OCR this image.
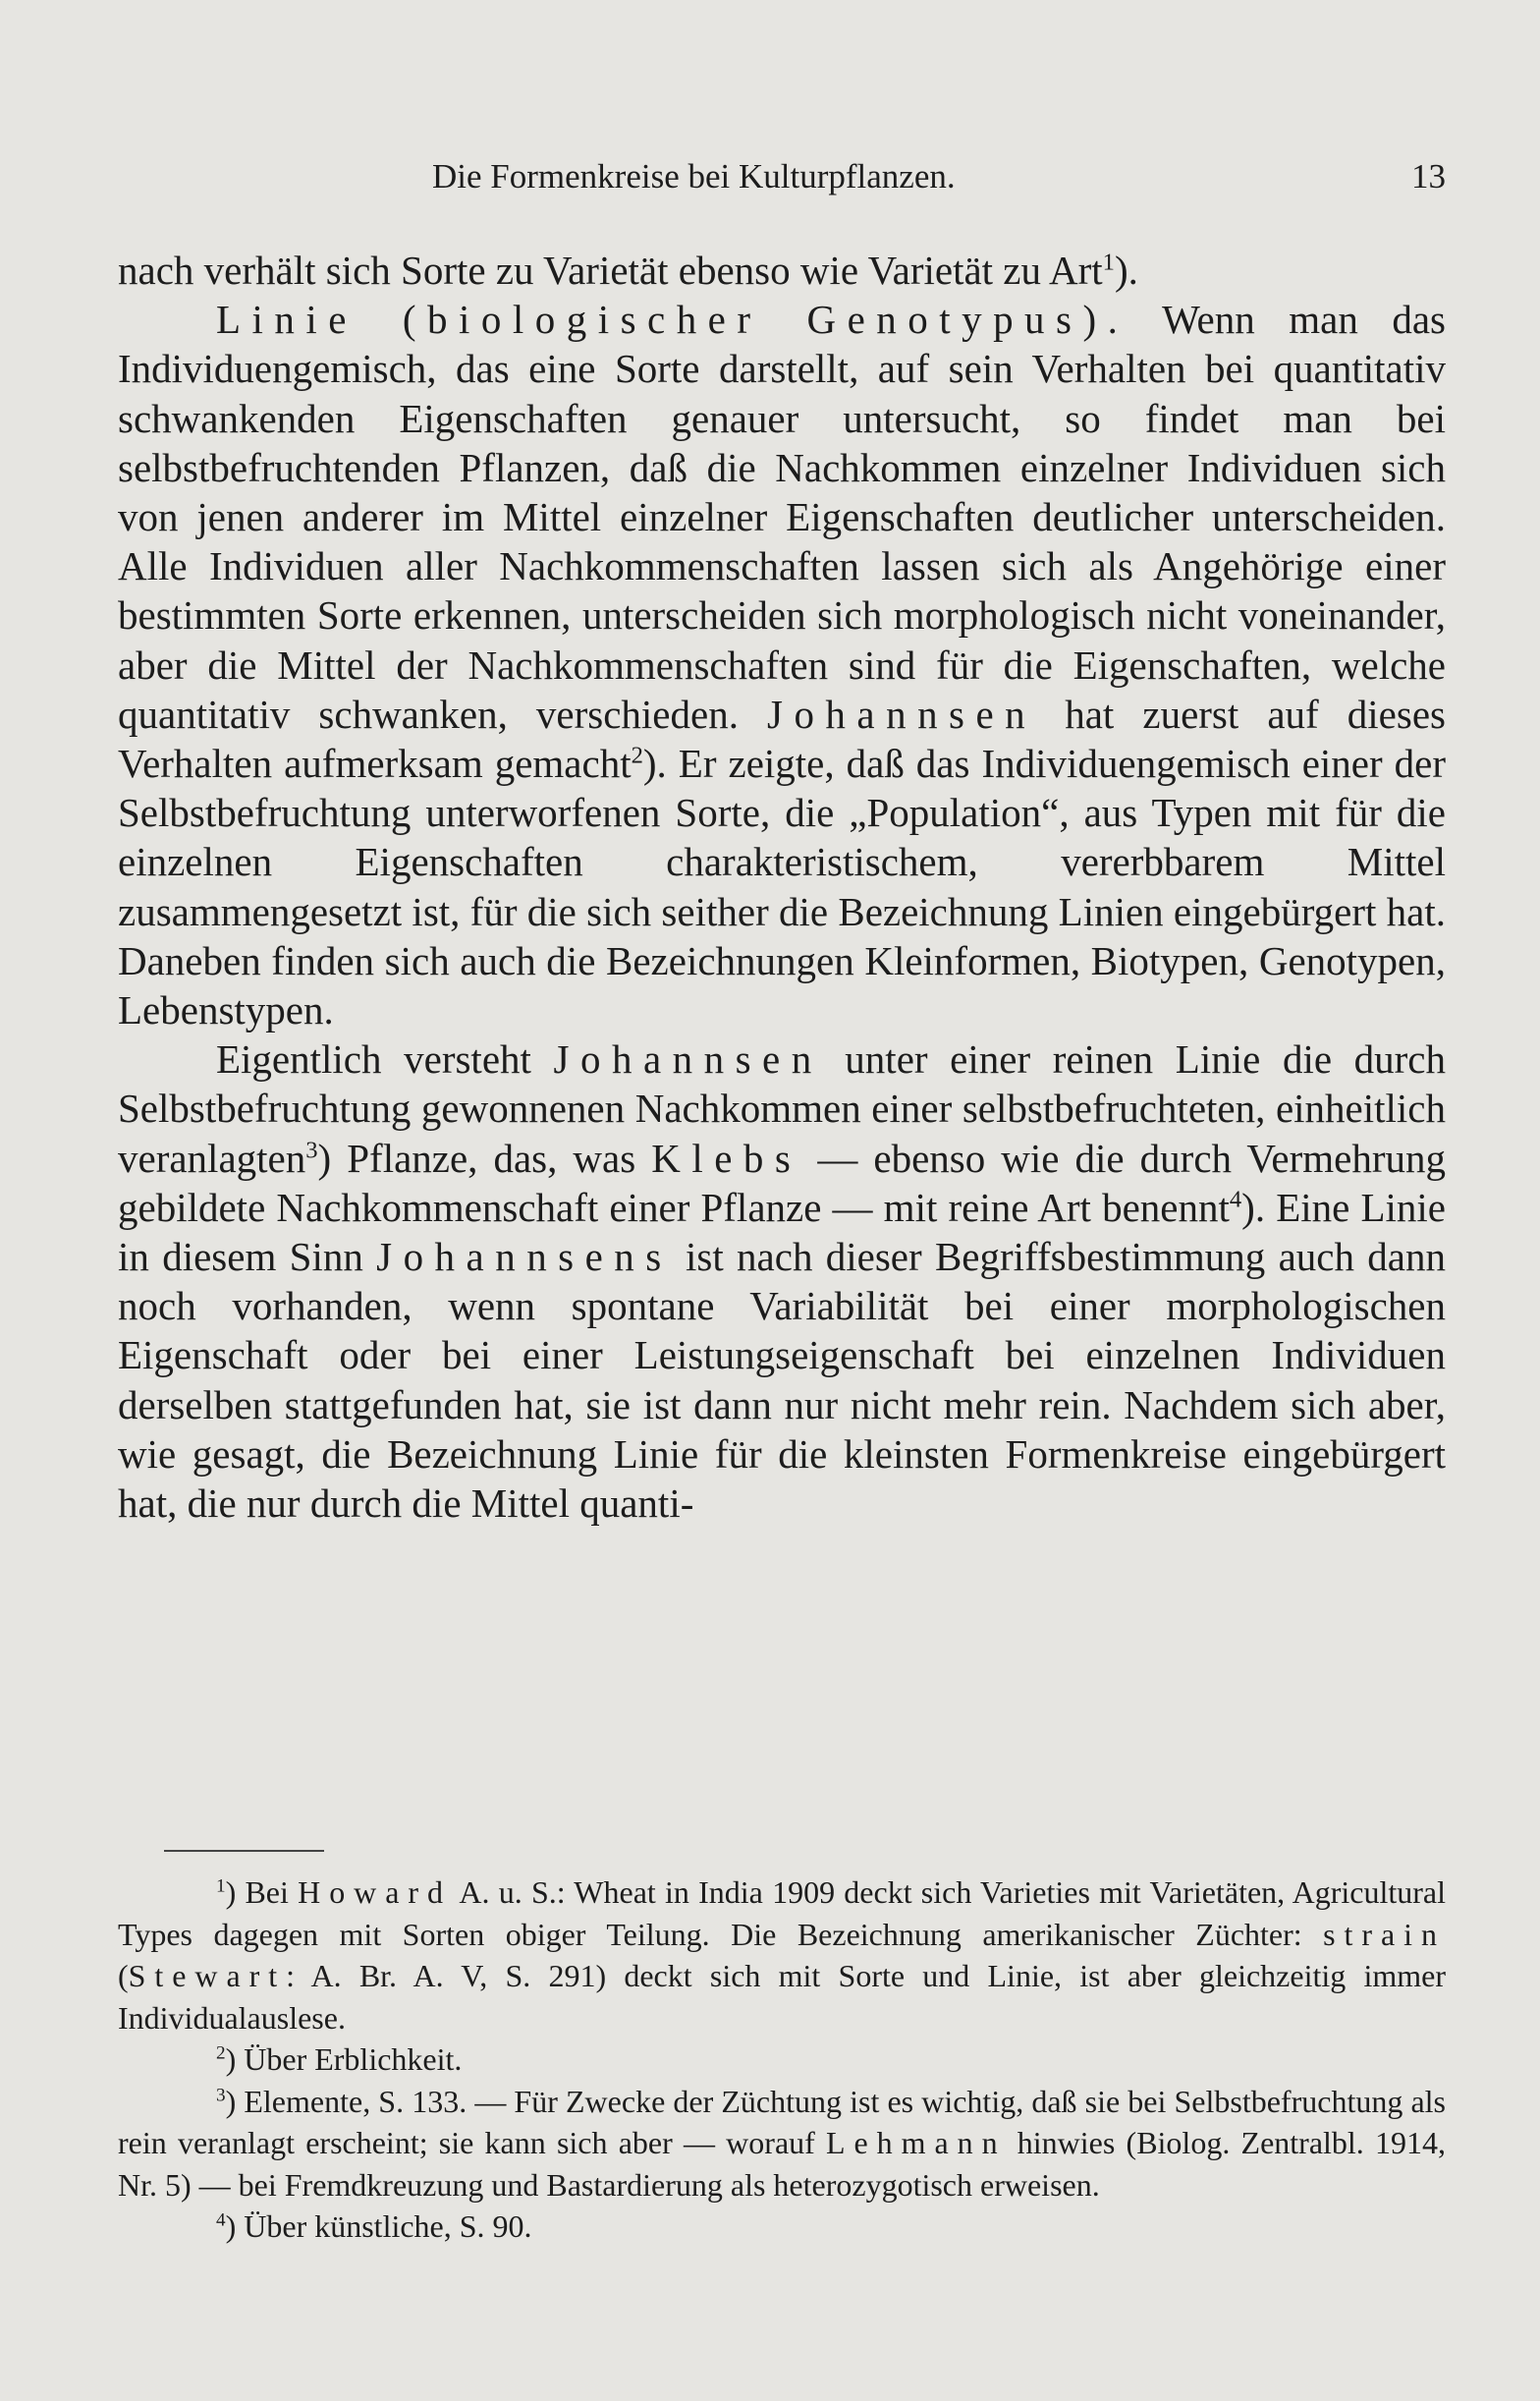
Die Formenkreise bei Kulturpflanzen.	13

nach verhält sich Sorte zu Varietät ebenso wie Varietät zu Art$^1$).

Linie (biologischer Genotypus). Wenn man das Individuengemisch, das eine Sorte darstellt, auf sein Verhalten bei quantitativ schwankenden Eigenschaften genauer untersucht, so findet man bei selbstbefruchtenden Pflanzen, daß die Nachkommen einzelner Individuen sich von jenen anderer im Mittel einzelner Eigenschaften deutlicher unterscheiden. Alle Individuen aller Nachkommenschaften lassen sich als Angehörige einer bestimmten Sorte erkennen, unterscheiden sich morphologisch nicht voneinander, aber die Mittel der Nachkommenschaften sind für die Eigenschaften, welche quantitativ schwanken, verschieden. Johannsen hat zuerst auf dieses Verhalten aufmerksam gemacht$^2$). Er zeigte, daß das Individuengemisch einer der Selbstbefruchtung unterworfenen Sorte, die „Population“, aus Typen mit für die einzelnen Eigenschaften charakteristischem, vererbbarem Mittel zusammengesetzt ist, für die sich seither die Bezeichnung Linien eingebürgert hat. Daneben finden sich auch die Bezeichnungen Kleinformen, Biotypen, Genotypen, Lebenstypen.

Eigentlich versteht Johannsen unter einer reinen Linie die durch Selbstbefruchtung gewonnenen Nachkommen einer selbstbefruchteten, einheitlich veranlagten$^3$) Pflanze, das, was Klebs — ebenso wie die durch Vermehrung gebildete Nachkommenschaft einer Pflanze — mit reine Art benennt$^4$). Eine Linie in diesem Sinn Johannsens ist nach dieser Begriffsbestimmung auch dann noch vorhanden, wenn spontane Variabilität bei einer morphologischen Eigenschaft oder bei einer Leistungseigenschaft bei einzelnen Individuen derselben stattgefunden hat, sie ist dann nur nicht mehr rein. Nachdem sich aber, wie gesagt, die Bezeichnung Linie für die kleinsten Formenkreise eingebürgert hat, die nur durch die Mittel quanti-

$^1$) Bei Howard A. u. S.: Wheat in India 1909 deckt sich Varieties mit Varietäten, Agricultural Types dagegen mit Sorten obiger Teilung. Die Bezeichnung amerikanischer Züchter: strain (Stewart: A. Br. A. V, S. 291) deckt sich mit Sorte und Linie, ist aber gleichzeitig immer Individualauslese.

$^2$) Über Erblichkeit.

$^3$) Elemente, S. 133. — Für Zwecke der Züchtung ist es wichtig, daß sie bei Selbstbefruchtung als rein veranlagt erscheint; sie kann sich aber — worauf Lehmann hinwies (Biolog. Zentralbl. 1914, Nr. 5) — bei Fremdkreuzung und Bastardierung als heterozygotisch erweisen.

$^4$) Über künstliche, S. 90.
